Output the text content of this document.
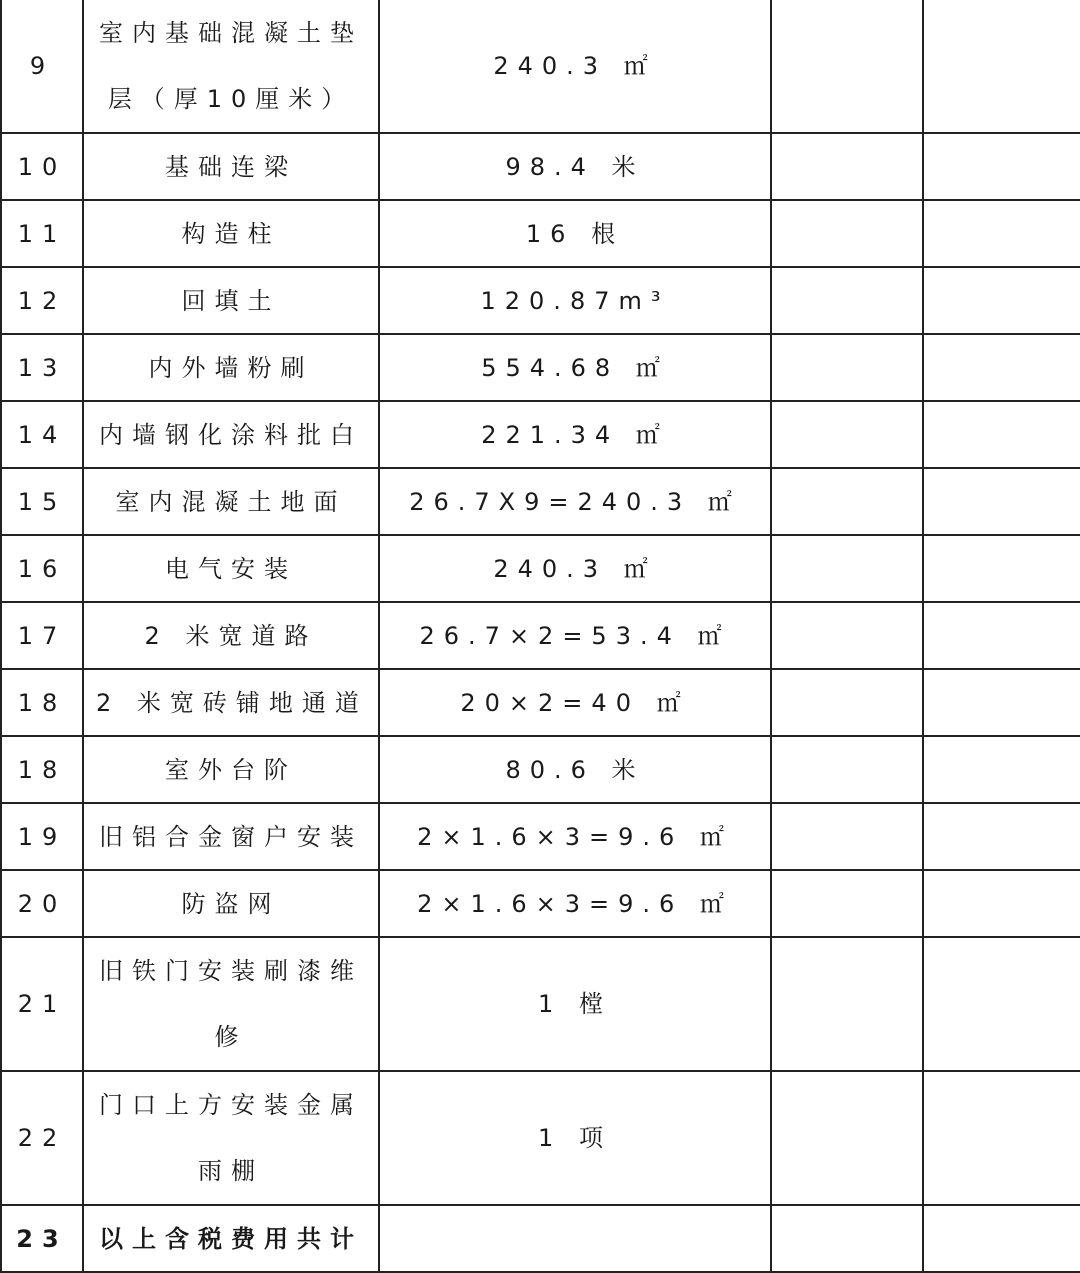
9	室内基础混凝土垫层（厚10厘米）	240.3 ㎡		
10	基础连梁	98.4 米		
11	构造柱	16 根		
12	回填土	120.87m³		
13	内外墙粉刷	554.68 ㎡		
14	内墙钢化涂料批白	221.34 ㎡		
15	室内混凝土地面	26.7X9=240.3 ㎡		
16	电气安装	240.3 ㎡		
17	2 米宽道路	26.7×2=53.4 ㎡		
18	2 米宽砖铺地通道	20×2=40 ㎡		
18	室外台阶	80.6 米		
19	旧铝合金窗户安装	2×1.6×3=9.6 ㎡		
20	防盗网	2×1.6×3=9.6 ㎡		
21	旧铁门安装刷漆维修	1 樘		
22	门口上方安装金属雨棚	1 项		
23	以上含税费用共计			
